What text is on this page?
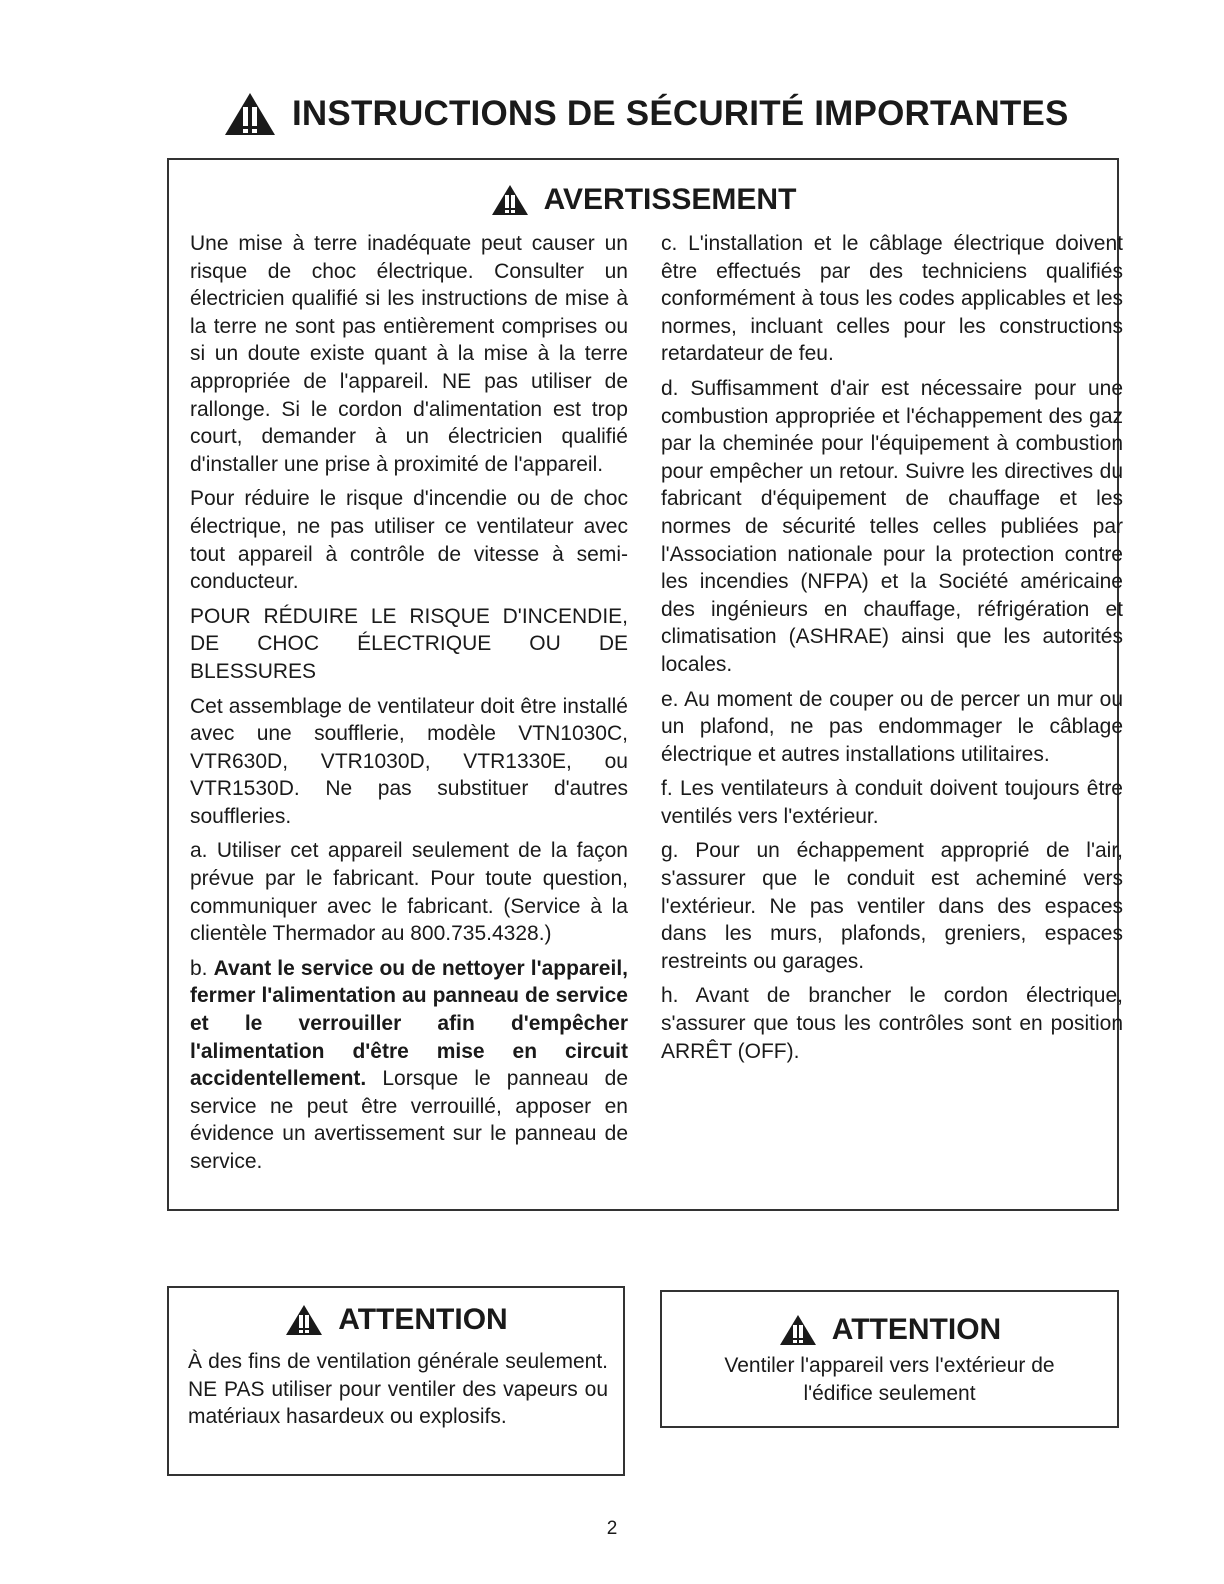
INSTRUCTIONS DE SÉCURITÉ IMPORTANTES
AVERTISSEMENT

Une mise à terre inadéquate peut causer un risque de choc électrique. Consulter un électricien qualifié si les instructions de mise à la terre ne sont pas entièrement comprises ou si un doute existe quant à la mise à la terre appropriée de l'appareil. NE pas utiliser de rallonge. Si le cordon d'alimentation est trop court, demander à un électricien qualifié d'installer une prise à proximité de l'appareil.

Pour réduire le risque d'incendie ou de choc électrique, ne pas utiliser ce ventilateur avec tout appareil à contrôle de vitesse à semi-conducteur.

POUR RÉDUIRE LE RISQUE D'INCENDIE, DE CHOC ÉLECTRIQUE OU DE BLESSURES

Cet assemblage de ventilateur doit être installé avec une soufflerie, modèle VTN1030C, VTR630D, VTR1030D, VTR1330E, ou VTR1530D. Ne pas substituer d'autres souffleries.

a. Utiliser cet appareil seulement de la façon prévue par le fabricant. Pour toute question, communiquer avec le fabricant. (Service à la clientèle Thermador au 800.735.4328.)

b. Avant le service ou de nettoyer l'appareil, fermer l'alimentation au panneau de service et le verrouiller afin d'empêcher l'alimentation d'être mise en circuit accidentellement. Lorsque le panneau de service ne peut être verrouillé, apposer en évidence un avertissement sur le panneau de service.

c. L'installation et le câblage électrique doivent être effectués par des techniciens qualifiés conformément à tous les codes applicables et les normes, incluant celles pour les constructions retardateur de feu.

d. Suffisamment d'air est nécessaire pour une combustion appropriée et l'échappement des gaz par la cheminée pour l'équipement à combustion pour empêcher un retour. Suivre les directives du fabricant d'équipement de chauffage et les normes de sécurité telles celles publiées par l'Association nationale pour la protection contre les incendies (NFPA) et la Société américaine des ingénieurs en chauffage, réfrigération et climatisation (ASHRAE) ainsi que les autorités locales.

e. Au moment de couper ou de percer un mur ou un plafond, ne pas endommager le câblage électrique et autres installations utilitaires.

f. Les ventilateurs à conduit doivent toujours être ventilés vers l'extérieur.

g. Pour un échappement approprié de l'air, s'assurer que le conduit est acheminé vers l'extérieur. Ne pas ventiler dans des espaces dans les murs, plafonds, greniers, espaces restreints ou garages.

h. Avant de brancher le cordon électrique, s'assurer que tous les contrôles sont en position ARRÊT (OFF).

ATTENTION

À des fins de ventilation générale seulement. NE PAS utiliser pour ventiler des vapeurs ou matériaux hasardeux ou explosifs.

ATTENTION

Ventiler l'appareil vers l'extérieur de l'édifice seulement

2
